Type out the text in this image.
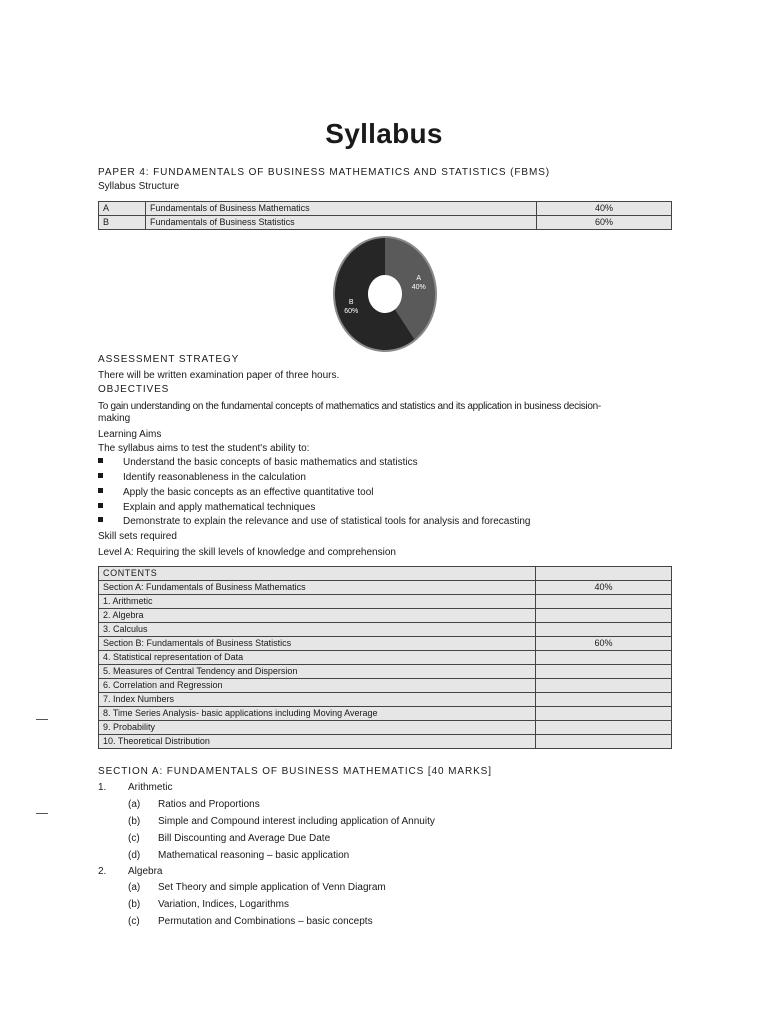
Syllabus
PAPER 4: FUNDAMENTALS OF BUSINESS MATHEMATICS AND STATISTICS (FBMS)
Syllabus Structure
A	Fundamentals of Business Mathematics	40%
B	Fundamentals of Business Statistics	60%
A
40%
B
60%
ASSESSMENT STRATEGY
There will be written examination paper of three hours.
OBJECTIVES
To gain understanding on the fundamental concepts of mathematics and statistics and its application in business decision-
making
Learning Aims
The syllabus aims to test the student's ability to:
Understand the basic concepts of basic mathematics and statistics
Identify reasonableness in the calculation
Apply the basic concepts as an effective quantitative tool
Explain and apply mathematical techniques
Demonstrate to explain the relevance and use of statistical tools for analysis and forecasting
Skill sets required
Level A: Requiring the skill levels of knowledge and comprehension
CONTENTS	
Section A: Fundamentals of Business Mathematics	40%
1. Arithmetic	
2. Algebra	
3. Calculus	
Section B: Fundamentals of Business Statistics	60%
4. Statistical representation of Data	
5. Measures of Central Tendency and Dispersion	
6. Correlation and Regression	
7. Index Numbers	
8. Time Series Analysis- basic applications including Moving Average	
9. Probability	
10. Theoretical Distribution	
SECTION A: FUNDAMENTALS OF BUSINESS MATHEMATICS [40 MARKS]
1. Arithmetic
(a) Ratios and Proportions
(b) Simple and Compound interest including application of Annuity
(c) Bill Discounting and Average Due Date
(d) Mathematical reasoning – basic application
2. Algebra
(a) Set Theory and simple application of Venn Diagram
(b) Variation, Indices, Logarithms
(c) Permutation and Combinations – basic concepts
